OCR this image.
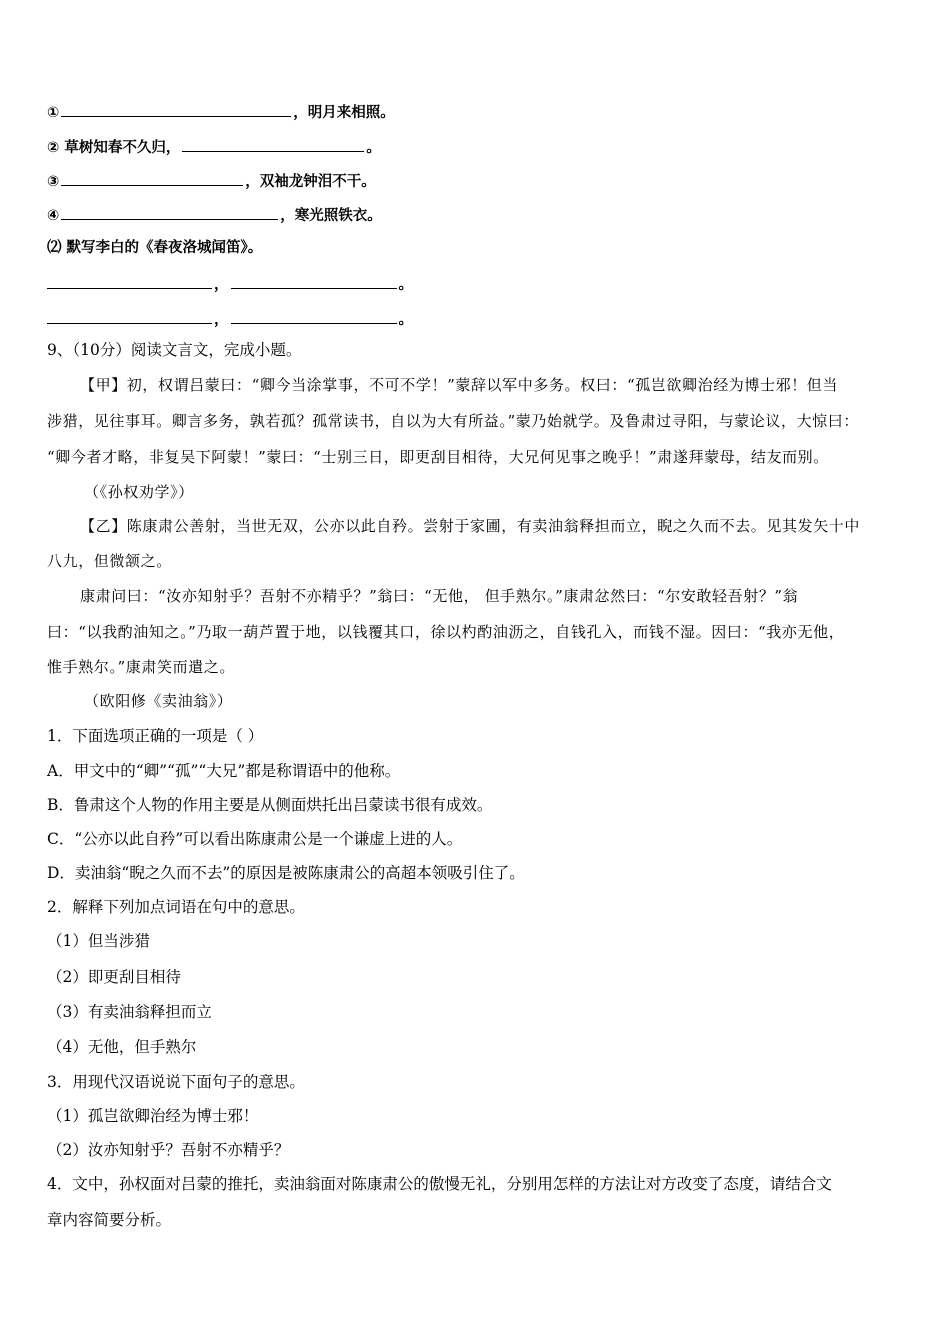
①	，明月来相照。
② 草树知春不久归，	。
③	，双袖龙钟泪不干。
④	，寒光照铁衣。
⑵ 默写李白的《春夜洛城闻笛》。
，	。
，	。
9、（10分）阅读文言文，完成小题。
【甲】初，权谓吕蒙曰：“卿今当涂掌事，不可不学！”蒙辞以军中多务。权曰：“孤岂欲卿治经为博士邪！但当
涉猎，见往事耳。卿言多务，孰若孤？孤常读书，自以为大有所益。”蒙乃始就学。及鲁肃过寻阳，与蒙论议，大惊曰：
“卿今者才略，非复吴下阿蒙！”蒙曰：“士别三日，即更刮目相待，大兄何见事之晚乎！”肃遂拜蒙母，结友而别。
（《孙权劝学》）
【乙】陈康肃公善射，当世无双，公亦以此自矜。尝射于家圃，有卖油翁释担而立，睨之久而不去。见其发矢十中
八九，但微颔之。
康肃问曰：“汝亦知射乎？吾射不亦精乎？”翁曰：“无他， 但手熟尔。”康肃忿然曰：“尔安敢轻吾射？”翁
曰：“以我酌油知之。”乃取一葫芦置于地，以钱覆其口，徐以杓酌油沥之，自钱孔入，而钱不湿。因曰：“我亦无他，
惟手熟尔。”康肃笑而遣之。
（欧阳修《卖油翁》）
1．下面选项正确的一项是（ ）
A．甲文中的“卿”“孤”“大兄”都是称谓语中的他称。
B．鲁肃这个人物的作用主要是从侧面烘托出吕蒙读书很有成效。
C．“公亦以此自矜”可以看出陈康肃公是一个谦虚上进的人。
D．卖油翁“睨之久而不去”的原因是被陈康肃公的高超本领吸引住了。
2．解释下列加点词语在句中的意思。
（1）但当涉猎
（2）即更刮目相待
（3）有卖油翁释担而立
（4）无他，但手熟尔
3．用现代汉语说说下面句子的意思。
（1）孤岂欲卿治经为博士邪！
（2）汝亦知射乎？吾射不亦精乎？
4．文中，孙权面对吕蒙的推托，卖油翁面对陈康肃公的傲慢无礼，分别用怎样的方法让对方改变了态度，请结合文
章内容简要分析。
